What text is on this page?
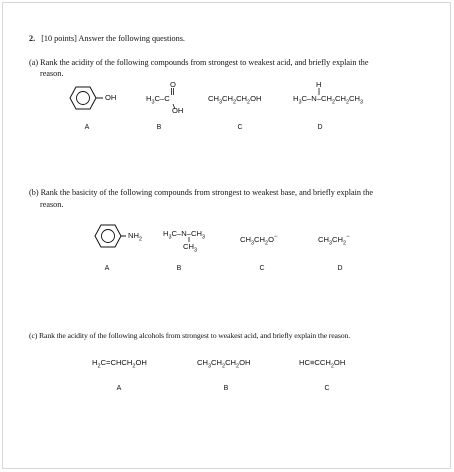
2. [10 points] Answer the following questions.
(a) Rank the acidity of the following compounds from strongest to weakest acid, and briefly explain the
reason.
OH
A
O
$H_3C-C$
OH
B
$CH_3CH_2CH_2OH$
C
H
$H_3C-N-CH_2CH_2CH_3$
D
(b) Rank the basicity of the following compounds from strongest to weakest base, and briefly explain the
reason.
$NH_2$
A
$H_3C-N-CH_3$
$CH_3$
B
$CH_3CH_2O^-$
C
$CH_3CH_2^-$
D
(c) Rank the acidity of the following alcohols from strongest to weakest acid, and briefly explain the reason.
$H_2C=CHCH_2OH$
A
$CH_3CH_2CH_2OH$
B
$HC\equiv CCH_2OH$
C
